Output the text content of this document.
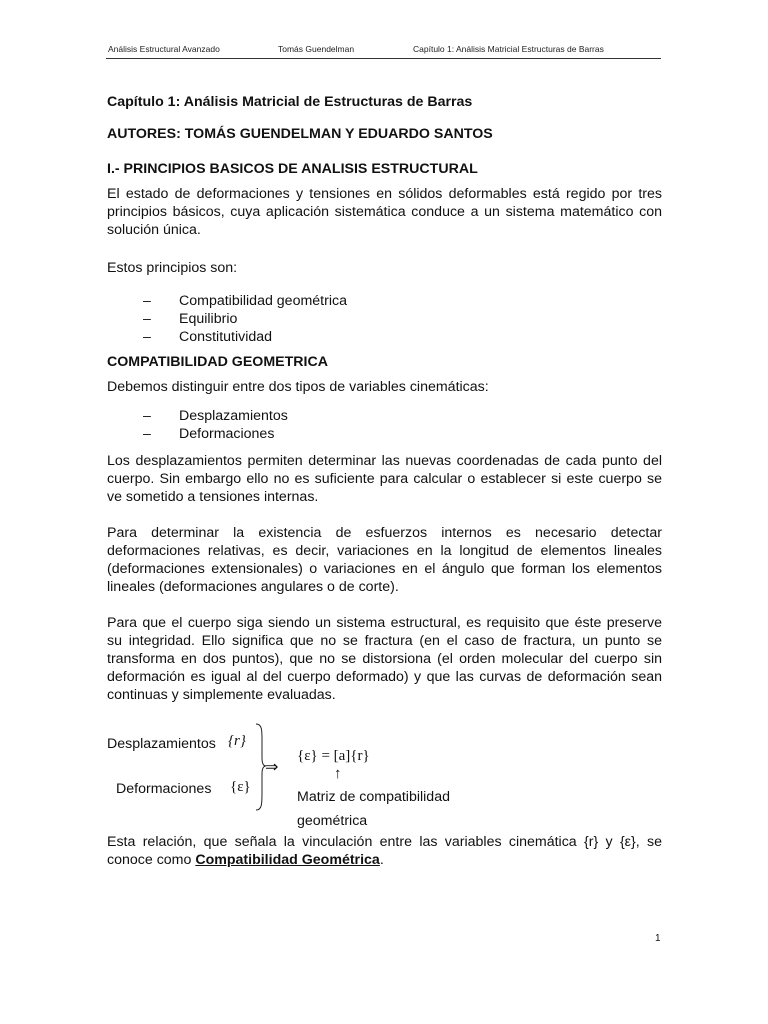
Análisis Estructural Avanzado	Tomás Guendelman	Capítulo 1: Análisis Matricial Estructuras de Barras
Capítulo 1: Análisis Matricial de Estructuras de Barras
AUTORES: TOMÁS GUENDELMAN Y EDUARDO SANTOS
I.- PRINCIPIOS BASICOS DE ANALISIS ESTRUCTURAL
El estado de deformaciones y tensiones en sólidos deformables está regido por tres principios básicos, cuya aplicación sistemática conduce a un sistema matemático con solución única.
Estos principios son:
– Compatibilidad geométrica
– Equilibrio
– Constitutividad
COMPATIBILIDAD GEOMETRICA
Debemos distinguir entre dos tipos de variables cinemáticas:
– Desplazamientos
– Deformaciones
Los desplazamientos permiten determinar las nuevas coordenadas de cada punto del cuerpo. Sin embargo ello no es suficiente para calcular o establecer si este cuerpo se ve sometido a tensiones internas.
Para determinar la existencia de esfuerzos internos es necesario detectar deformaciones relativas, es decir, variaciones en la longitud de elementos lineales (deformaciones extensionales) o variaciones en el ángulo que forman los elementos lineales (deformaciones angulares o de corte).
Para que el cuerpo siga siendo un sistema estructural, es requisito que éste preserve su integridad. Ello significa que no se fractura (en el caso de fractura, un punto se transforma en dos puntos), que no se distorsiona (el orden molecular del cuerpo sin deformación es igual al del cuerpo deformado) y que las curvas de deformación sean continuas y simplemente evaluadas.
Desplazamientos {r}
Deformaciones {ε}
⇒
{ε} = [a]{r}
↑
Matriz de compatibilidad
geométrica
Esta relación, que señala la vinculación entre las variables cinemática {r} y {ε}, se conoce como Compatibilidad Geométrica.
1
